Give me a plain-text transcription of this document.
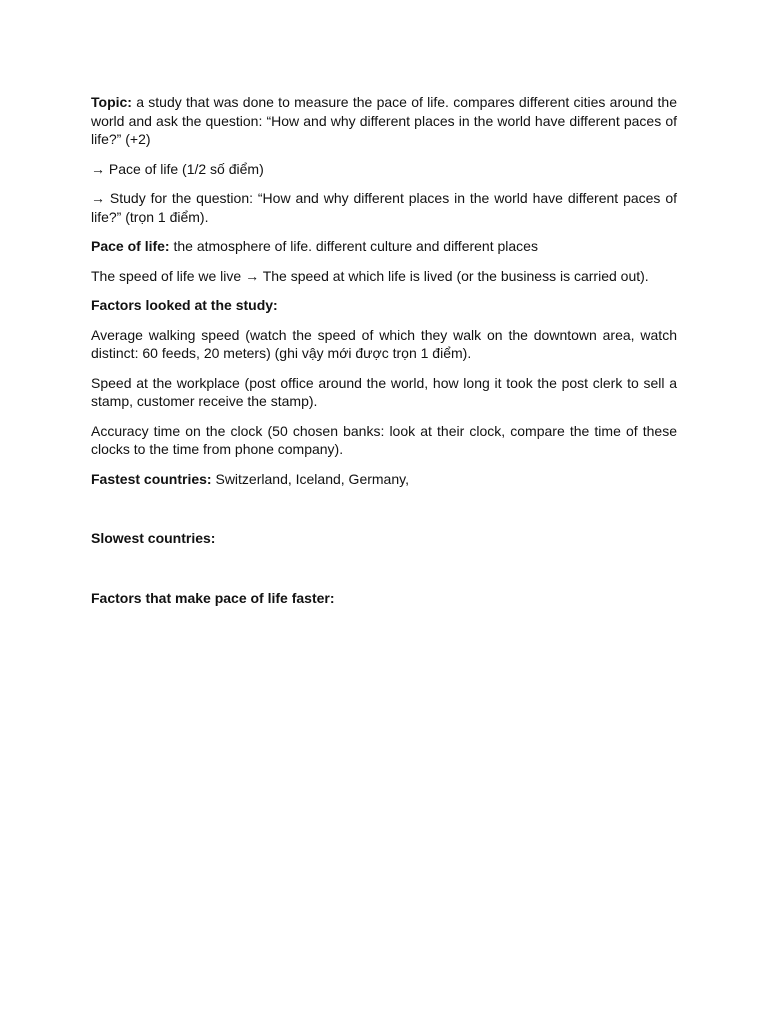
Topic: a study that was done to measure the pace of life. compares different cities around the world and ask the question: “How and why different places in the world have different paces of life?” (+2)

→ Pace of life (1/2 số điểm)

→ Study for the question: “How and why different places in the world have different paces of life?” (trọn 1 điểm).

Pace of life: the atmosphere of life. different culture and different places

The speed of life we live → The speed at which life is lived (or the business is carried out).

Factors looked at the study:

Average walking speed (watch the speed of which they walk on the downtown area, watch distinct: 60 feeds, 20 meters) (ghi vậy mới được trọn 1 điểm).

Speed at the workplace (post office around the world, how long it took the post clerk to sell a stamp, customer receive the stamp).

Accuracy time on the clock (50 chosen banks: look at their clock, compare the time of these clocks to the time from phone company).

Fastest countries: Switzerland, Iceland, Germany,

Slowest countries:

Factors that make pace of life faster:
